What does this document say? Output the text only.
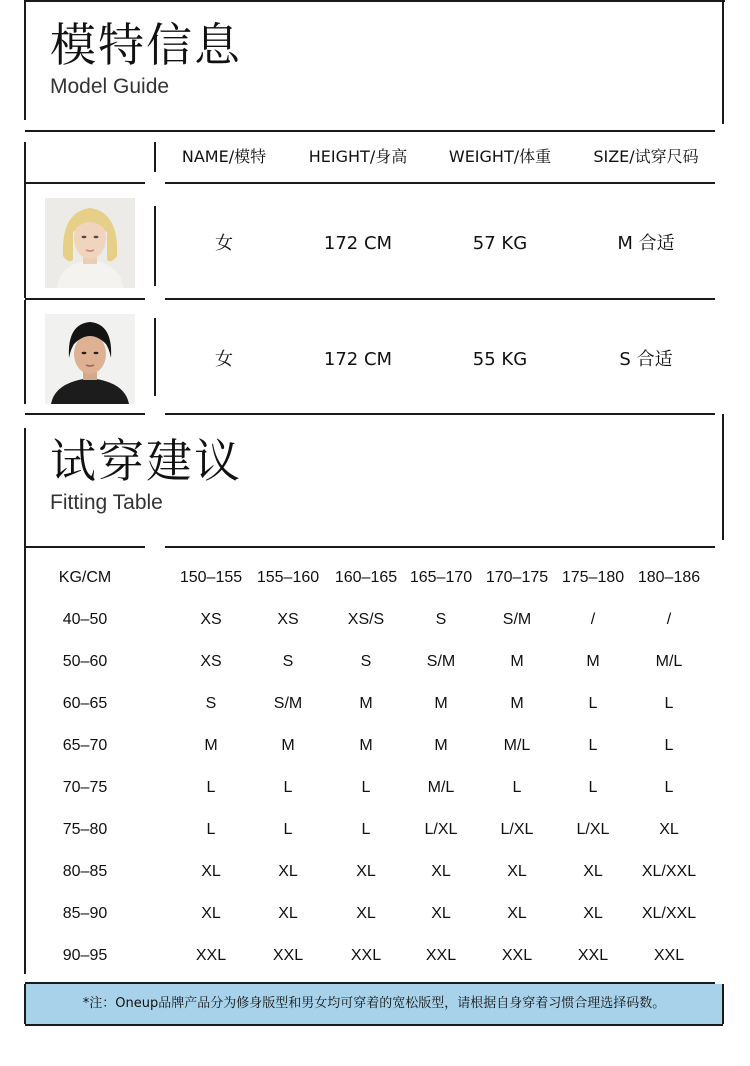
模特信息
Model Guide
NAME/模特	HEIGHT/身高	WEIGHT/体重	SIZE/试穿尺码
女	172 CM	57 KG	M 合适
女	172 CM	55 KG	S 合适
试穿建议
Fitting Table
KG/CM	150–155 155–160 160–165 165–170 170–175 175–180 180–186
40–50	XS	XS	XS/S	S	S/M	/	/
50–60	XS	S	S	S/M	M	M	M/L
60–65	S	S/M	M	M	M	L	L
65–70	M	M	M	M	M/L	L	L
70–75	L	L	L	M/L	L	L	L
75–80	L	L	L	L/XL	L/XL	L/XL	XL
80–85	XL	XL	XL	XL	XL	XL	XL/XXL
85–90	XL	XL	XL	XL	XL	XL	XL/XXL
90–95	XXL	XXL	XXL	XXL	XXL	XXL	XXL
*注：Oneup品牌产品分为修身版型和男女均可穿着的宽松版型，请根据自身穿着习惯合理选择码数。
